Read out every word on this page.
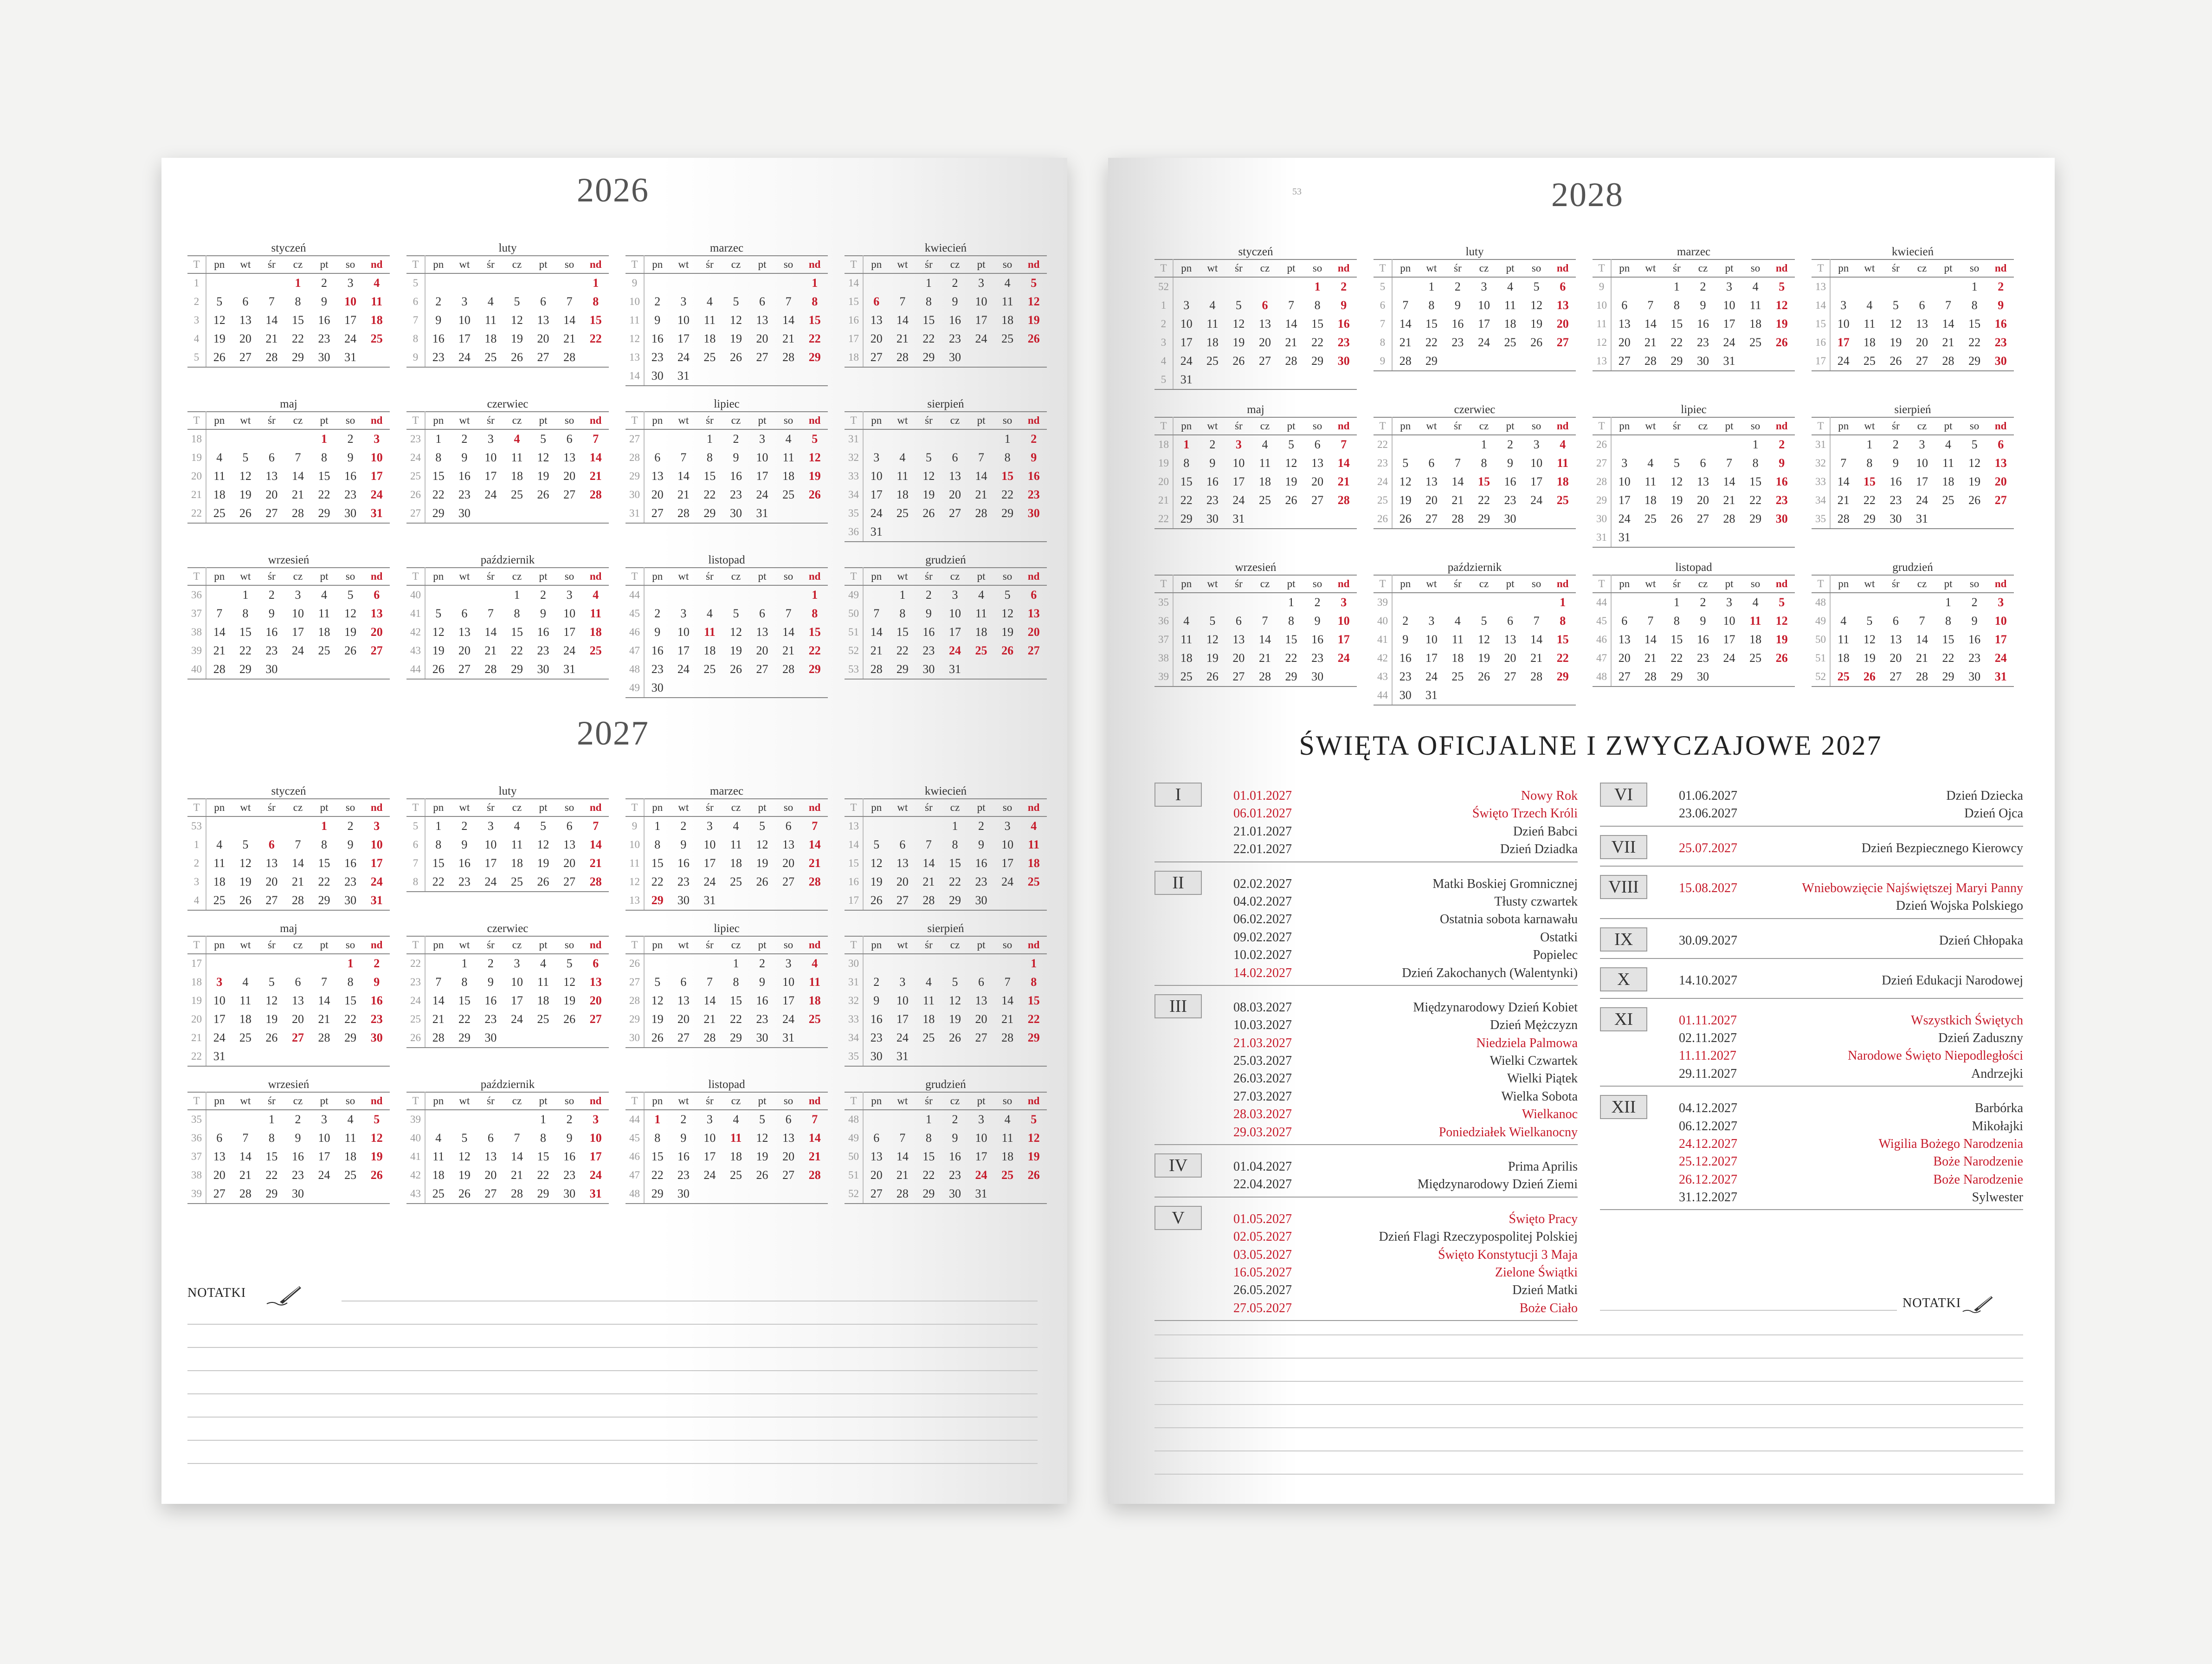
2026
styczeń
T	pn	wt	śr	cz	pt	so	nd
1				1	2	3	4
2	5	6	7	8	9	10	11
3	12	13	14	15	16	17	18
4	19	20	21	22	23	24	25
5	26	27	28	29	30	31	
luty
T	pn	wt	śr	cz	pt	so	nd
5							1
6	2	3	4	5	6	7	8
7	9	10	11	12	13	14	15
8	16	17	18	19	20	21	22
9	23	24	25	26	27	28	
marzec
T	pn	wt	śr	cz	pt	so	nd
9							1
10	2	3	4	5	6	7	8
11	9	10	11	12	13	14	15
12	16	17	18	19	20	21	22
13	23	24	25	26	27	28	29
14	30	31					
kwiecień
T	pn	wt	śr	cz	pt	so	nd
14			1	2	3	4	5
15	6	7	8	9	10	11	12
16	13	14	15	16	17	18	19
17	20	21	22	23	24	25	26
18	27	28	29	30			
maj
T	pn	wt	śr	cz	pt	so	nd
18					1	2	3
19	4	5	6	7	8	9	10
20	11	12	13	14	15	16	17
21	18	19	20	21	22	23	24
22	25	26	27	28	29	30	31
czerwiec
T	pn	wt	śr	cz	pt	so	nd
23	1	2	3	4	5	6	7
24	8	9	10	11	12	13	14
25	15	16	17	18	19	20	21
26	22	23	24	25	26	27	28
27	29	30					
lipiec
T	pn	wt	śr	cz	pt	so	nd
27			1	2	3	4	5
28	6	7	8	9	10	11	12
29	13	14	15	16	17	18	19
30	20	21	22	23	24	25	26
31	27	28	29	30	31		
sierpień
T	pn	wt	śr	cz	pt	so	nd
31						1	2
32	3	4	5	6	7	8	9
33	10	11	12	13	14	15	16
34	17	18	19	20	21	22	23
35	24	25	26	27	28	29	30
36	31						
wrzesień
T	pn	wt	śr	cz	pt	so	nd
36		1	2	3	4	5	6
37	7	8	9	10	11	12	13
38	14	15	16	17	18	19	20
39	21	22	23	24	25	26	27
40	28	29	30				
październik
T	pn	wt	śr	cz	pt	so	nd
40				1	2	3	4
41	5	6	7	8	9	10	11
42	12	13	14	15	16	17	18
43	19	20	21	22	23	24	25
44	26	27	28	29	30	31	
listopad
T	pn	wt	śr	cz	pt	so	nd
44							1
45	2	3	4	5	6	7	8
46	9	10	11	12	13	14	15
47	16	17	18	19	20	21	22
48	23	24	25	26	27	28	29
49	30						
grudzień
T	pn	wt	śr	cz	pt	so	nd
49		1	2	3	4	5	6
50	7	8	9	10	11	12	13
51	14	15	16	17	18	19	20
52	21	22	23	24	25	26	27
53	28	29	30	31			
2027
styczeń
T	pn	wt	śr	cz	pt	so	nd
53					1	2	3
1	4	5	6	7	8	9	10
2	11	12	13	14	15	16	17
3	18	19	20	21	22	23	24
4	25	26	27	28	29	30	31
luty
T	pn	wt	śr	cz	pt	so	nd
5	1	2	3	4	5	6	7
6	8	9	10	11	12	13	14
7	15	16	17	18	19	20	21
8	22	23	24	25	26	27	28
marzec
T	pn	wt	śr	cz	pt	so	nd
9	1	2	3	4	5	6	7
10	8	9	10	11	12	13	14
11	15	16	17	18	19	20	21
12	22	23	24	25	26	27	28
13	29	30	31				
kwiecień
T	pn	wt	śr	cz	pt	so	nd
13				1	2	3	4
14	5	6	7	8	9	10	11
15	12	13	14	15	16	17	18
16	19	20	21	22	23	24	25
17	26	27	28	29	30		
maj
T	pn	wt	śr	cz	pt	so	nd
17						1	2
18	3	4	5	6	7	8	9
19	10	11	12	13	14	15	16
20	17	18	19	20	21	22	23
21	24	25	26	27	28	29	30
22	31						
czerwiec
T	pn	wt	śr	cz	pt	so	nd
22		1	2	3	4	5	6
23	7	8	9	10	11	12	13
24	14	15	16	17	18	19	20
25	21	22	23	24	25	26	27
26	28	29	30				
lipiec
T	pn	wt	śr	cz	pt	so	nd
26				1	2	3	4
27	5	6	7	8	9	10	11
28	12	13	14	15	16	17	18
29	19	20	21	22	23	24	25
30	26	27	28	29	30	31	
sierpień
T	pn	wt	śr	cz	pt	so	nd
30							1
31	2	3	4	5	6	7	8
32	9	10	11	12	13	14	15
33	16	17	18	19	20	21	22
34	23	24	25	26	27	28	29
35	30	31					
wrzesień
T	pn	wt	śr	cz	pt	so	nd
35			1	2	3	4	5
36	6	7	8	9	10	11	12
37	13	14	15	16	17	18	19
38	20	21	22	23	24	25	26
39	27	28	29	30			
październik
T	pn	wt	śr	cz	pt	so	nd
39					1	2	3
40	4	5	6	7	8	9	10
41	11	12	13	14	15	16	17
42	18	19	20	21	22	23	24
43	25	26	27	28	29	30	31
listopad
T	pn	wt	śr	cz	pt	so	nd
44	1	2	3	4	5	6	7
45	8	9	10	11	12	13	14
46	15	16	17	18	19	20	21
47	22	23	24	25	26	27	28
48	29	30					
grudzień
T	pn	wt	śr	cz	pt	so	nd
48			1	2	3	4	5
49	6	7	8	9	10	11	12
50	13	14	15	16	17	18	19
51	20	21	22	23	24	25	26
52	27	28	29	30	31		
NOTATKI
53	2028
styczeń
T	pn	wt	śr	cz	pt	so	nd
52						1	2
1	3	4	5	6	7	8	9
2	10	11	12	13	14	15	16
3	17	18	19	20	21	22	23
4	24	25	26	27	28	29	30
5	31						
luty
T	pn	wt	śr	cz	pt	so	nd
5		1	2	3	4	5	6
6	7	8	9	10	11	12	13
7	14	15	16	17	18	19	20
8	21	22	23	24	25	26	27
9	28	29					
marzec
T	pn	wt	śr	cz	pt	so	nd
9			1	2	3	4	5
10	6	7	8	9	10	11	12
11	13	14	15	16	17	18	19
12	20	21	22	23	24	25	26
13	27	28	29	30	31		
kwiecień
T	pn	wt	śr	cz	pt	so	nd
13						1	2
14	3	4	5	6	7	8	9
15	10	11	12	13	14	15	16
16	17	18	19	20	21	22	23
17	24	25	26	27	28	29	30
maj
T	pn	wt	śr	cz	pt	so	nd
18	1	2	3	4	5	6	7
19	8	9	10	11	12	13	14
20	15	16	17	18	19	20	21
21	22	23	24	25	26	27	28
22	29	30	31				
czerwiec
T	pn	wt	śr	cz	pt	so	nd
22				1	2	3	4
23	5	6	7	8	9	10	11
24	12	13	14	15	16	17	18
25	19	20	21	22	23	24	25
26	26	27	28	29	30		
lipiec
T	pn	wt	śr	cz	pt	so	nd
26						1	2
27	3	4	5	6	7	8	9
28	10	11	12	13	14	15	16
29	17	18	19	20	21	22	23
30	24	25	26	27	28	29	30
31	31						
sierpień
T	pn	wt	śr	cz	pt	so	nd
31		1	2	3	4	5	6
32	7	8	9	10	11	12	13
33	14	15	16	17	18	19	20
34	21	22	23	24	25	26	27
35	28	29	30	31			
wrzesień
T	pn	wt	śr	cz	pt	so	nd
35					1	2	3
36	4	5	6	7	8	9	10
37	11	12	13	14	15	16	17
38	18	19	20	21	22	23	24
39	25	26	27	28	29	30	
październik
T	pn	wt	śr	cz	pt	so	nd
39							1
40	2	3	4	5	6	7	8
41	9	10	11	12	13	14	15
42	16	17	18	19	20	21	22
43	23	24	25	26	27	28	29
44	30	31					
listopad
T	pn	wt	śr	cz	pt	so	nd
44			1	2	3	4	5
45	6	7	8	9	10	11	12
46	13	14	15	16	17	18	19
47	20	21	22	23	24	25	26
48	27	28	29	30			
grudzień
T	pn	wt	śr	cz	pt	so	nd
48					1	2	3
49	4	5	6	7	8	9	10
50	11	12	13	14	15	16	17
51	18	19	20	21	22	23	24
52	25	26	27	28	29	30	31
ŚWIĘTA OFICJALNE I ZWYCZAJOWE 2027
I	01.01.2027	Nowy Rok
06.01.2027	Święto Trzech Króli
21.01.2027	Dzień Babci
22.01.2027	Dzień Dziadka
II	02.02.2027	Matki Boskiej Gromnicznej
04.02.2027	Tłusty czwartek
06.02.2027	Ostatnia sobota karnawału
09.02.2027	Ostatki
10.02.2027	Popielec
14.02.2027	Dzień Zakochanych (Walentynki)
III	08.03.2027	Międzynarodowy Dzień Kobiet
10.03.2027	Dzień Mężczyzn
21.03.2027	Niedziela Palmowa
25.03.2027	Wielki Czwartek
26.03.2027	Wielki Piątek
27.03.2027	Wielka Sobota
28.03.2027	Wielkanoc
29.03.2027	Poniedziałek Wielkanocny
IV	01.04.2027	Prima Aprilis
22.04.2027	Międzynarodowy Dzień Ziemi
V	01.05.2027	Święto Pracy
02.05.2027	Dzień Flagi Rzeczypospolitej Polskiej
03.05.2027	Święto Konstytucji 3 Maja
16.05.2027	Zielone Świątki
26.05.2027	Dzień Matki
27.05.2027	Boże Ciało
VI	01.06.2027	Dzień Dziecka
23.06.2027	Dzień Ojca
VII	25.07.2027	Dzień Bezpiecznego Kierowcy
VIII	15.08.2027	Wniebowzięcie Najświętszej Maryi Panny
Dzień Wojska Polskiego
IX	30.09.2027	Dzień Chłopaka
X	14.10.2027	Dzień Edukacji Narodowej
XI	01.11.2027	Wszystkich Świętych
02.11.2027	Dzień Zaduszny
11.11.2027	Narodowe Święto Niepodległości
29.11.2027	Andrzejki
XII	04.12.2027	Barbórka
06.12.2027	Mikołajki
24.12.2027	Wigilia Bożego Narodzenia
25.12.2027	Boże Narodzenie
26.12.2027	Boże Narodzenie
31.12.2027	Sylwester
NOTATKI
